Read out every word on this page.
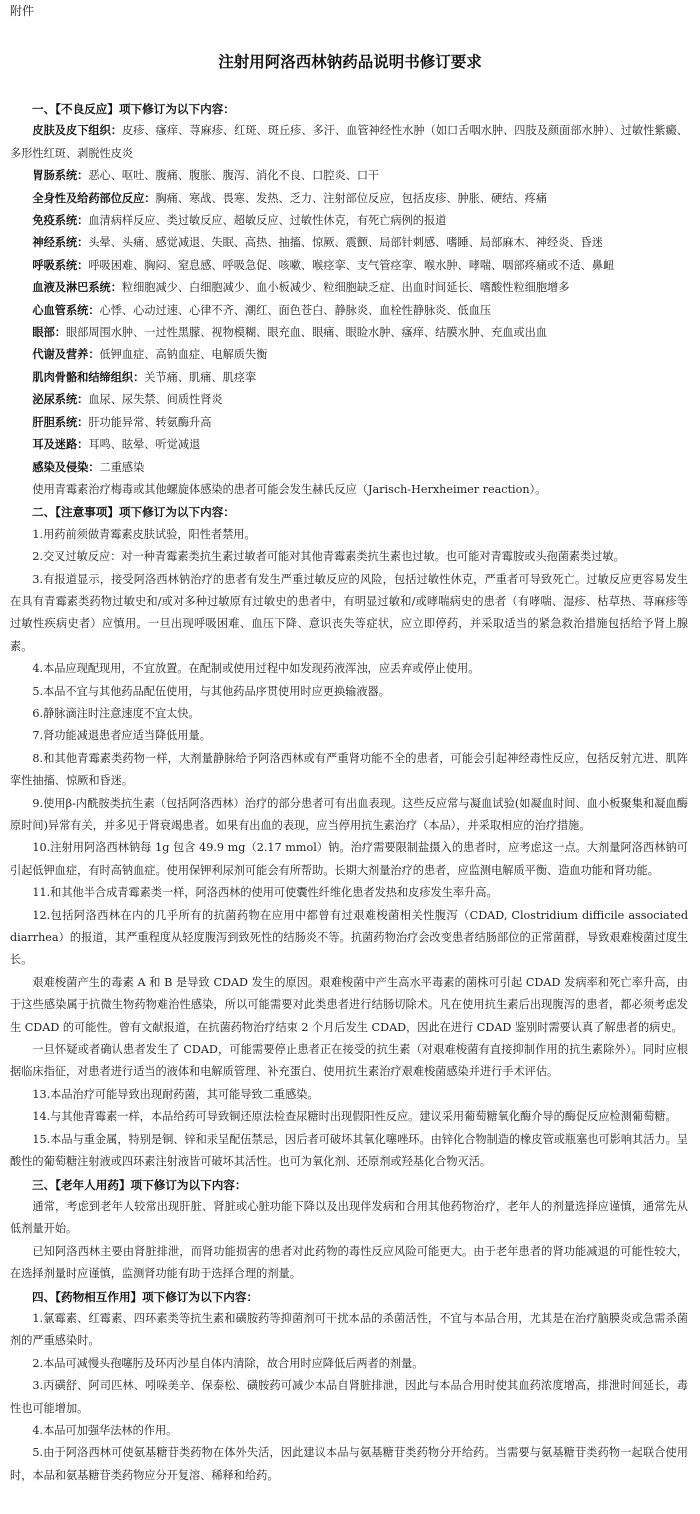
附件
注射用阿洛西林钠药品说明书修订要求
一、【不良反应】项下修订为以下内容：

皮肤及皮下组织：皮疹、瘙痒、荨麻疹、红斑、斑丘疹、多汗、血管神经性水肿（如口舌咽水肿、四肢及颜面部水肿）、过敏性紫癜、多形性红斑、剥脱性皮炎

胃肠系统：恶心、呕吐、腹痛、腹胀、腹泻、消化不良、口腔炎、口干

全身性及给药部位反应：胸痛、寒战、畏寒、发热、乏力、注射部位反应，包括皮疹、肿胀、硬结、疼痛

免疫系统：血清病样反应、类过敏反应、超敏反应、过敏性休克，有死亡病例的报道

神经系统：头晕、头痛、感觉减退、失眠、高热、抽搐、惊厥、震颤、局部针刺感、嗜睡、局部麻木、神经炎、昏迷

呼吸系统：呼吸困难、胸闷、窒息感、呼吸急促、咳嗽、喉痉挛、支气管痉挛、喉水肿、哮喘、咽部疼痛或不适、鼻衄

血液及淋巴系统：粒细胞减少、白细胞减少、血小板减少、粒细胞缺乏症、出血时间延长、嗜酸性粒细胞增多

心血管系统：心悸、心动过速、心律不齐、潮红、面色苍白、静脉炎、血栓性静脉炎、低血压

眼部：眼部周围水肿、一过性黑朦、视物模糊、眼充血、眼痛、眼睑水肿、瘙痒、结膜水肿、充血或出血

代谢及营养：低钾血症、高钠血症、电解质失衡

肌肉骨骼和结缔组织：关节痛、肌痛、肌痉挛

泌尿系统：血尿、尿失禁、间质性肾炎

肝胆系统：肝功能异常、转氨酶升高

耳及迷路：耳鸣、眩晕、听觉减退

感染及侵染：二重感染

使用青霉素治疗梅毒或其他螺旋体感染的患者可能会发生赫氏反应（Jarisch-Herxheimer reaction）。

二、【注意事项】项下修订为以下内容：

1.用药前须做青霉素皮肤试验，阳性者禁用。

2.交叉过敏反应：对一种青霉素类抗生素过敏者可能对其他青霉素类抗生素也过敏。也可能对青霉胺或头孢菌素类过敏。

3.有报道显示，接受阿洛西林钠治疗的患者有发生严重过敏反应的风险，包括过敏性休克，严重者可导致死亡。过敏反应更容易发生在具有青霉素类药物过敏史和/或对多种过敏原有过敏史的患者中，有明显过敏和/或哮喘病史的患者（有哮喘、湿疹、枯草热、荨麻疹等过敏性疾病史者）应慎用。一旦出现呼吸困难、血压下降、意识丧失等症状，应立即停药，并采取适当的紧急救治措施包括给予肾上腺素。

4.本品应现配现用，不宜放置。在配制或使用过程中如发现药液浑浊，应丢弃或停止使用。

5.本品不宜与其他药品配伍使用，与其他药品序贯使用时应更换输液器。

6.静脉滴注时注意速度不宜太快。

7.肾功能减退患者应适当降低用量。

8.和其他青霉素类药物一样，大剂量静脉给予阿洛西林或有严重肾功能不全的患者，可能会引起神经毒性反应，包括反射亢进、肌阵挛性抽搐、惊厥和昏迷。

9.使用β-内酰胺类抗生素（包括阿洛西林）治疗的部分患者可有出血表现。这些反应常与凝血试验(如凝血时间、血小板聚集和凝血酶原时间)异常有关，并多见于肾衰竭患者。如果有出血的表现，应当停用抗生素治疗（本品），并采取相应的治疗措施。

10.注射用阿洛西林钠每 1g 包含 49.9 mg（2.17 mmol）钠。治疗需要限制盐摄入的患者时，应考虑这一点。大剂量阿洛西林钠可引起低钾血症，有时高钠血症。使用保钾利尿剂可能会有所帮助。长期大剂量治疗的患者，应监测电解质平衡、造血功能和肾功能。

11.和其他半合成青霉素类一样，阿洛西林的使用可使囊性纤维化患者发热和皮疹发生率升高。

12.包括阿洛西林在内的几乎所有的抗菌药物在应用中都曾有过艰难梭菌相关性腹泻（CDAD, Clostridium difficile associated diarrhea）的报道，其严重程度从轻度腹泻到致死性的结肠炎不等。抗菌药物治疗会改变患者结肠部位的正常菌群，导致艰难梭菌过度生长。

艰难梭菌产生的毒素 A 和 B 是导致 CDAD 发生的原因。艰难梭菌中产生高水平毒素的菌株可引起 CDAD 发病率和死亡率升高，由于这些感染属于抗微生物药物难治性感染，所以可能需要对此类患者进行结肠切除术。凡在使用抗生素后出现腹泻的患者，都必须考虑发生 CDAD 的可能性。曾有文献报道，在抗菌药物治疗结束 2 个月后发生 CDAD，因此在进行 CDAD 鉴别时需要认真了解患者的病史。

一旦怀疑或者确认患者发生了 CDAD，可能需要停止患者正在接受的抗生素（对艰难梭菌有直接抑制作用的抗生素除外）。同时应根据临床指征，对患者进行适当的液体和电解质管理、补充蛋白、使用抗生素治疗艰难梭菌感染并进行手术评估。

13.本品治疗可能导致出现耐药菌，其可能导致二重感染。

14.与其他青霉素一样，本品给药可导致铜还原法检查尿糖时出现假阳性反应。建议采用葡萄糖氧化酶介导的酶促反应检测葡萄糖。

15.本品与重金属，特别是铜、锌和汞呈配伍禁忌，因后者可破坏其氧化噻唑环。由锌化合物制造的橡皮管或瓶塞也可影响其活力。呈酸性的葡萄糖注射液或四环素注射液皆可破坏其活性。也可为氧化剂、还原剂或羟基化合物灭活。

三、【老年人用药】项下修订为以下内容：

通常，考虑到老年人较常出现肝脏、肾脏或心脏功能下降以及出现伴发病和合用其他药物治疗，老年人的剂量选择应谨慎，通常先从低剂量开始。

已知阿洛西林主要由肾脏排泄，而肾功能损害的患者对此药物的毒性反应风险可能更大。由于老年患者的肾功能减退的可能性较大，在选择剂量时应谨慎，监测肾功能有助于选择合理的剂量。

四、【药物相互作用】项下修订为以下内容：

1.氯霉素、红霉素、四环素类等抗生素和磺胺药等抑菌剂可干扰本品的杀菌活性，不宜与本品合用，尤其是在治疗脑膜炎或急需杀菌剂的严重感染时。

2.本品可减慢头孢噻肟及环丙沙星自体内清除，故合用时应降低后两者的剂量。

3.丙磺舒、阿司匹林、吲哚美辛、保泰松、磺胺药可减少本品自肾脏排泄，因此与本品合用时使其血药浓度增高，排泄时间延长，毒性也可能增加。

4.本品可加强华法林的作用。

5.由于阿洛西林可使氨基糖苷类药物在体外失活，因此建议本品与氨基糖苷类药物分开给药。当需要与氨基糖苷类药物一起联合使用时，本品和氨基糖苷类药物应分开复溶、稀释和给药。
